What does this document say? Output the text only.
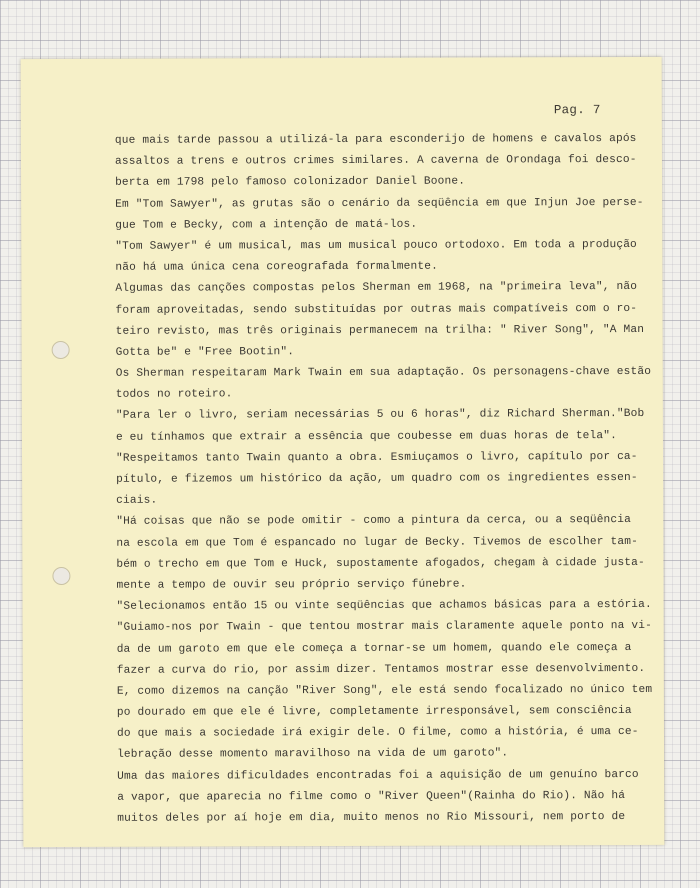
Pag. 7
que mais tarde passou a utilizá-la para esconderijo de homens e cavalos após
assaltos a trens e outros crimes similares. A caverna de Orondaga foi desco-
berta em 1798 pelo famoso colonizador Daniel Boone.
Em "Tom Sawyer", as grutas são o cenário da seqüência em que Injun Joe perse-
gue Tom e Becky, com a intenção de matá-los.
"Tom Sawyer" é um musical, mas um musical pouco ortodoxo. Em toda a produção
não há uma única cena coreografada formalmente.
Algumas das canções compostas pelos Sherman em 1968, na "primeira leva", não
foram aproveitadas, sendo substituídas por outras mais compatíveis com o ro-
teiro revisto, mas três originais permanecem na trilha: " River Song", "A Man
Gotta be" e "Free Bootin".
Os Sherman respeitaram Mark Twain em sua adaptação. Os personagens-chave estão
todos no roteiro.
"Para ler o livro, seriam necessárias 5 ou 6 horas", diz Richard Sherman."Bob
e eu tínhamos que extrair a essência que coubesse em duas horas de tela".
"Respeitamos tanto Twain quanto a obra. Esmiuçamos o livro, capítulo por ca-
pítulo, e fizemos um histórico da ação, um quadro com os ingredientes essen-
ciais.
"Há coisas que não se pode omitir - como a pintura da cerca, ou a seqüência
na escola em que Tom é espancado no lugar de Becky. Tivemos de escolher tam-
bém o trecho em que Tom e Huck, supostamente afogados, chegam à cidade justa-
mente a tempo de ouvir seu próprio serviço fúnebre.
"Selecionamos então 15 ou vinte seqüências que achamos básicas para a estória.
"Guiamo-nos por Twain - que tentou mostrar mais claramente aquele ponto na vi-
da de um garoto em que ele começa a tornar-se um homem, quando ele começa a
fazer a curva do rio, por assim dizer. Tentamos mostrar esse desenvolvimento.
E, como dizemos na canção "River Song", ele está sendo focalizado no único tem
po dourado em que ele é livre, completamente irresponsável, sem consciência
do que mais a sociedade irá exigir dele. O filme, como a história, é uma ce-
lebração desse momento maravilhoso na vida de um garoto".
Uma das maiores dificuldades encontradas foi a aquisição de um genuíno barco
a vapor, que aparecia no filme como o "River Queen"(Rainha do Rio). Não há
muitos deles por aí hoje em dia, muito menos no Rio Missouri, nem porto de
